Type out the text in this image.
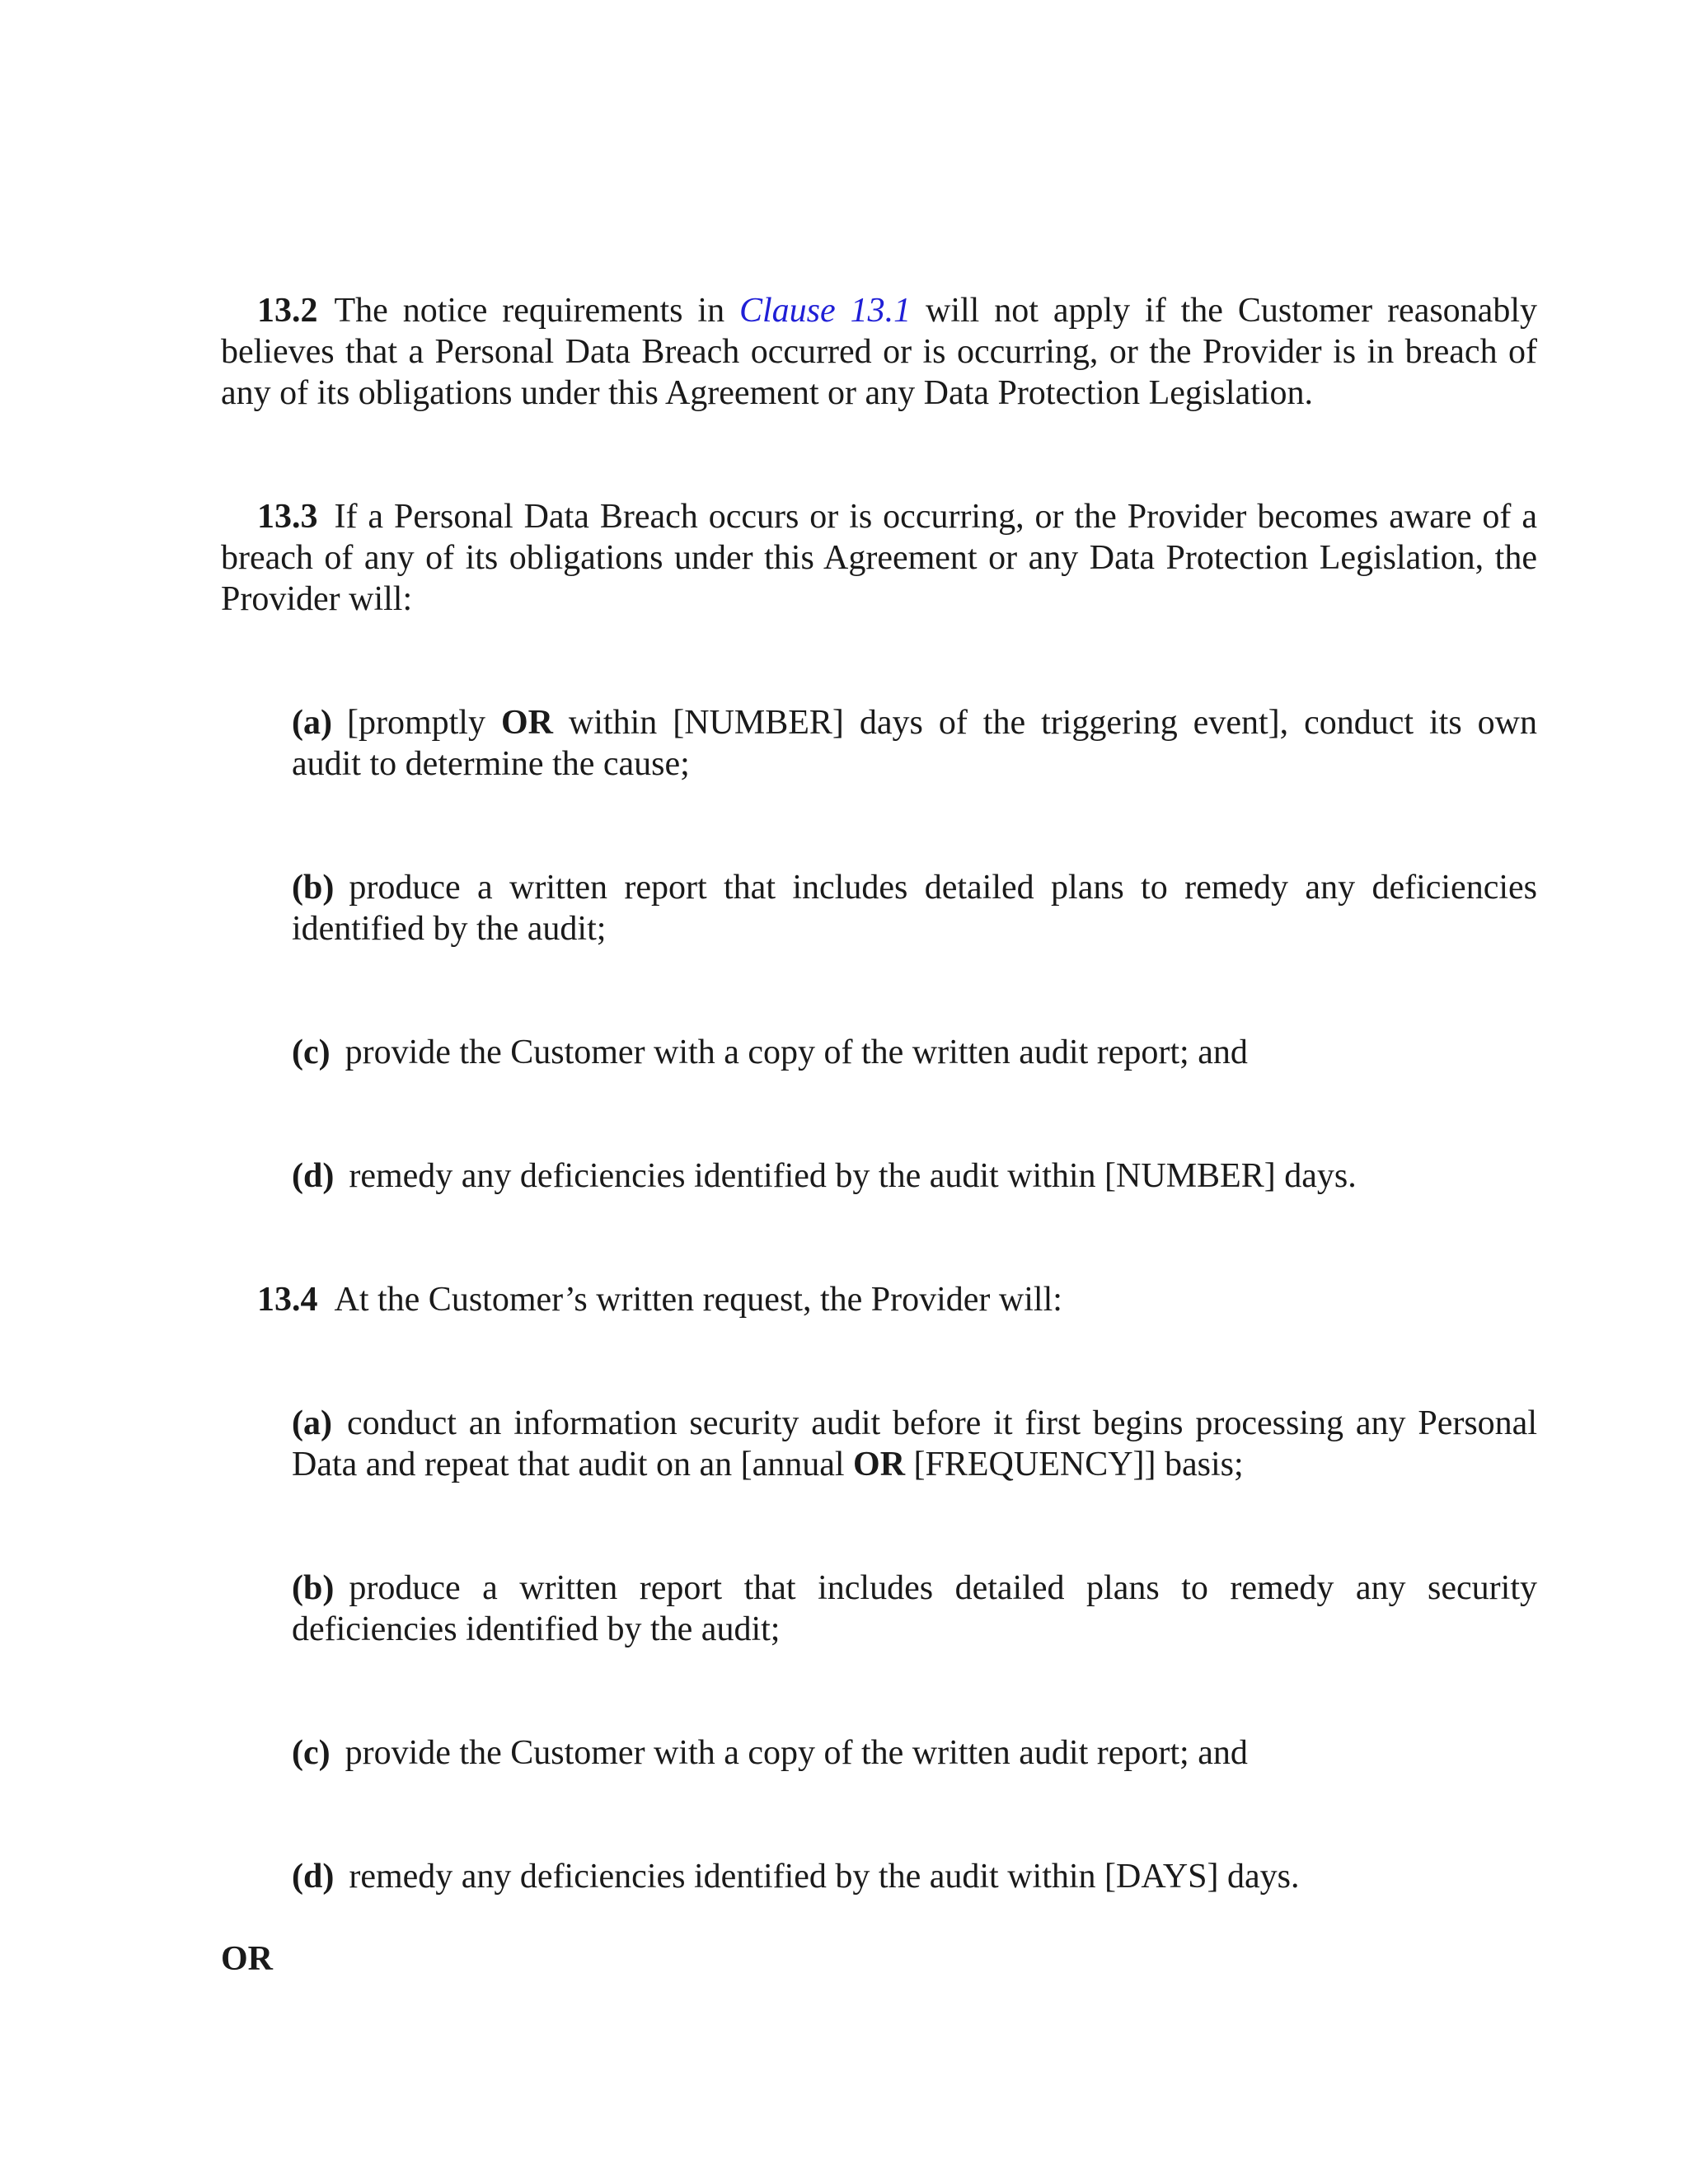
13.2 The notice requirements in Clause 13.1 will not apply if the Customer reasonably believes that a Personal Data Breach occurred or is occurring, or the Provider is in breach of any of its obligations under this Agreement or any Data Protection Legislation.

13.3 If a Personal Data Breach occurs or is occurring, or the Provider becomes aware of a breach of any of its obligations under this Agreement or any Data Protection Legislation, the Provider will:

(a) [promptly OR within [NUMBER] days of the triggering event], conduct its own audit to determine the cause;

(b) produce a written report that includes detailed plans to remedy any deficiencies identified by the audit;

(c) provide the Customer with a copy of the written audit report; and

(d) remedy any deficiencies identified by the audit within [NUMBER] days.

13.4 At the Customer’s written request, the Provider will:

(a) conduct an information security audit before it first begins processing any Personal Data and repeat that audit on an [annual OR [FREQUENCY]] basis;

(b) produce a written report that includes detailed plans to remedy any security deficiencies identified by the audit;

(c) provide the Customer with a copy of the written audit report; and

(d) remedy any deficiencies identified by the audit within [DAYS] days.

OR
